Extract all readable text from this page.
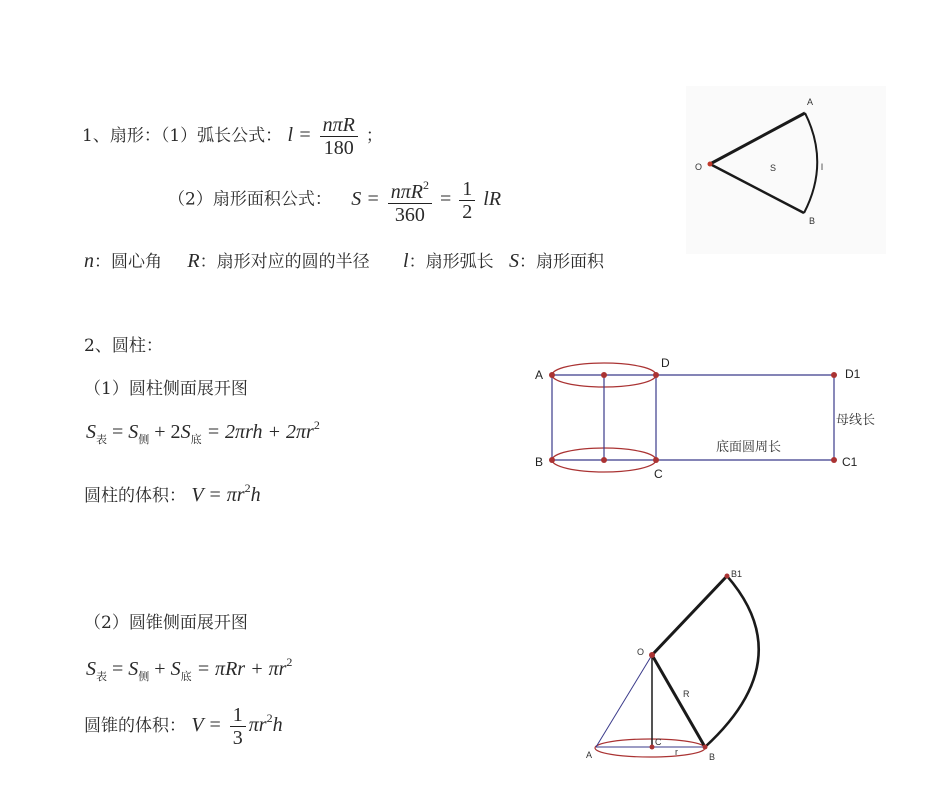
1、扇形：（1）弧长公式： $l = \frac{\text{nπR}}{180}$ ；
（2）扇形面积公式： $S = \frac{n\pi R^2}{360} = \frac{1}{2}$ lR
n：圆心角 R：扇形对应的圆的半径 l：扇形弧长 S：扇形面积
2、圆柱：
（1）圆柱侧面展开图
$S_表 = S_侧 + 2S_底 = 2\pi rh + 2\pi r^2$
圆柱的体积： $V = \pi r^2h$
（2）圆锥侧面展开图
$S_表 = S_侧 + S_底 = \pi Rr + \pi r^2$
圆锥的体积： $V = \frac{1}{3} \pi r^2h$
O
A
B
S	l
A
B
D
C
D1
C1
母线长
底面圆周长
O
A	B
C
B1
R
r
